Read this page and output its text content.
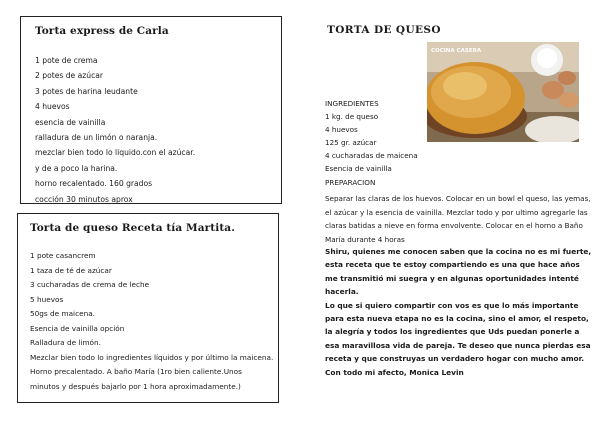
Torta express de Carla
1 pote de crema
2 potes de azúcar
3 potes de harina leudante
4 huevos
esencia de vainilla
ralladura de un limón o naranja.
mezclar bien todo lo liquido.con el azúcar.
y de a poco la harina.
horno recalentado. 160 grados
cocción 30 minutos aprox
Torta de queso Receta tía Martita.
1 pote casancrem
1 taza de té de azúcar
3 cucharadas de crema de leche
5 huevos
50gs de maicena.
Esencia de vainilla opción
Ralladura de limón.
Mezclar bien todo lo ingredientes líquidos y por último la maicena.
Horno precalentado. A baño María (1ro bien caliente.Unos
minutos y después bajarlo por 1 hora aproximadamente.)
TORTA DE QUESO
COCINA CASERA
INGREDIENTES
1 kg. de queso
4 huevos
125 gr. azúcar
4 cucharadas de maicena
Esencia de vainilla
PREPARACION

Separar las claras de los huevos. Colocar en un bowl el queso, las yemas, el azúcar y la esencia de vainilla. Mezclar todo y por ultimo agregarle las claras batidas a nieve en forma envolvente. Colocar en el horno a Baño María durante 4 horas

Shiru, quienes me conocen saben que la cocina no es mi fuerte, esta receta que te estoy compartiendo es una que hace años me transmitió mi suegra y en algunas oportunidades intenté hacerla.

Lo que si quiero compartir con vos es que lo más importante para esta nueva etapa no es la cocina, sino el amor, el respeto, la alegría y todos los ingredientes que Uds puedan ponerle a esa maravillosa vida de pareja. Te deseo que nunca pierdas esa receta y que construyas un verdadero hogar con mucho amor.

Con todo mi afecto, Monica Levin
